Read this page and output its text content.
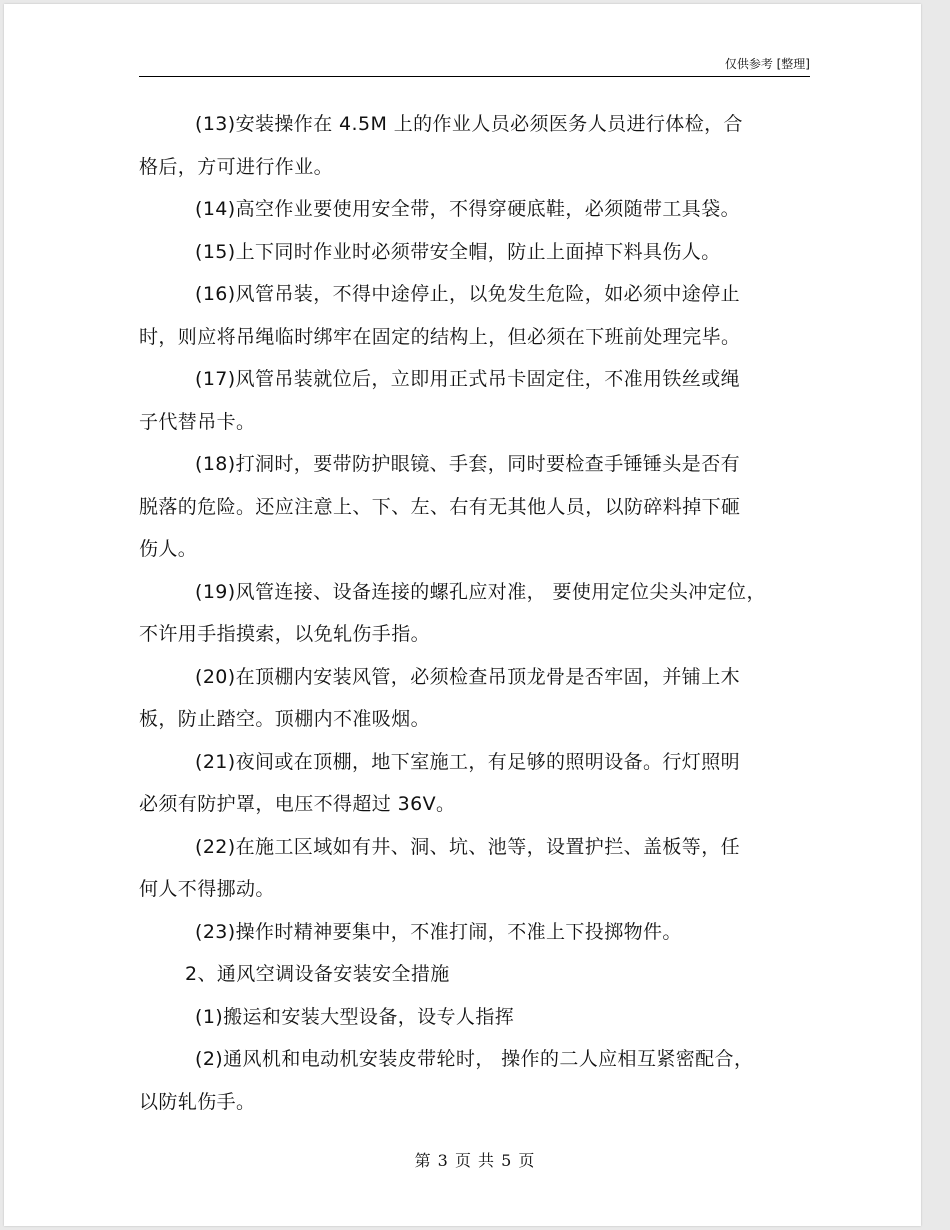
仅供参考 [整理]
(13)安装操作在 4.5M 上的作业人员必须医务人员进行体检，合
格后，方可进行作业。
(14)高空作业要使用安全带，不得穿硬底鞋，必须随带工具袋。
(15)上下同时作业时必须带安全帽，防止上面掉下料具伤人。
(16)风管吊装，不得中途停止，以免发生危险，如必须中途停止
时，则应将吊绳临时绑牢在固定的结构上，但必须在下班前处理完毕。
(17)风管吊装就位后，立即用正式吊卡固定住，不准用铁丝或绳
子代替吊卡。
(18)打洞时，要带防护眼镜、手套，同时要检查手锤锤头是否有
脱落的危险。还应注意上、下、左、右有无其他人员，以防碎料掉下砸
伤人。
(19)风管连接、设备连接的螺孔应对准， 要使用定位尖头冲定位，
不许用手指摸索，以免轧伤手指。
(20)在顶棚内安装风管，必须检查吊顶龙骨是否牢固，并铺上木
板，防止踏空。顶棚内不准吸烟。
(21)夜间或在顶棚，地下室施工，有足够的照明设备。行灯照明
必须有防护罩，电压不得超过 36V。
(22)在施工区域如有井、洞、坑、池等，设置护拦、盖板等，任
何人不得挪动。
(23)操作时精神要集中，不准打闹，不准上下投掷物件。
2、通风空调设备安装安全措施
(1)搬运和安装大型设备，设专人指挥
(2)通风机和电动机安装皮带轮时， 操作的二人应相互紧密配合，
以防轧伤手。
第 3 页 共 5 页
